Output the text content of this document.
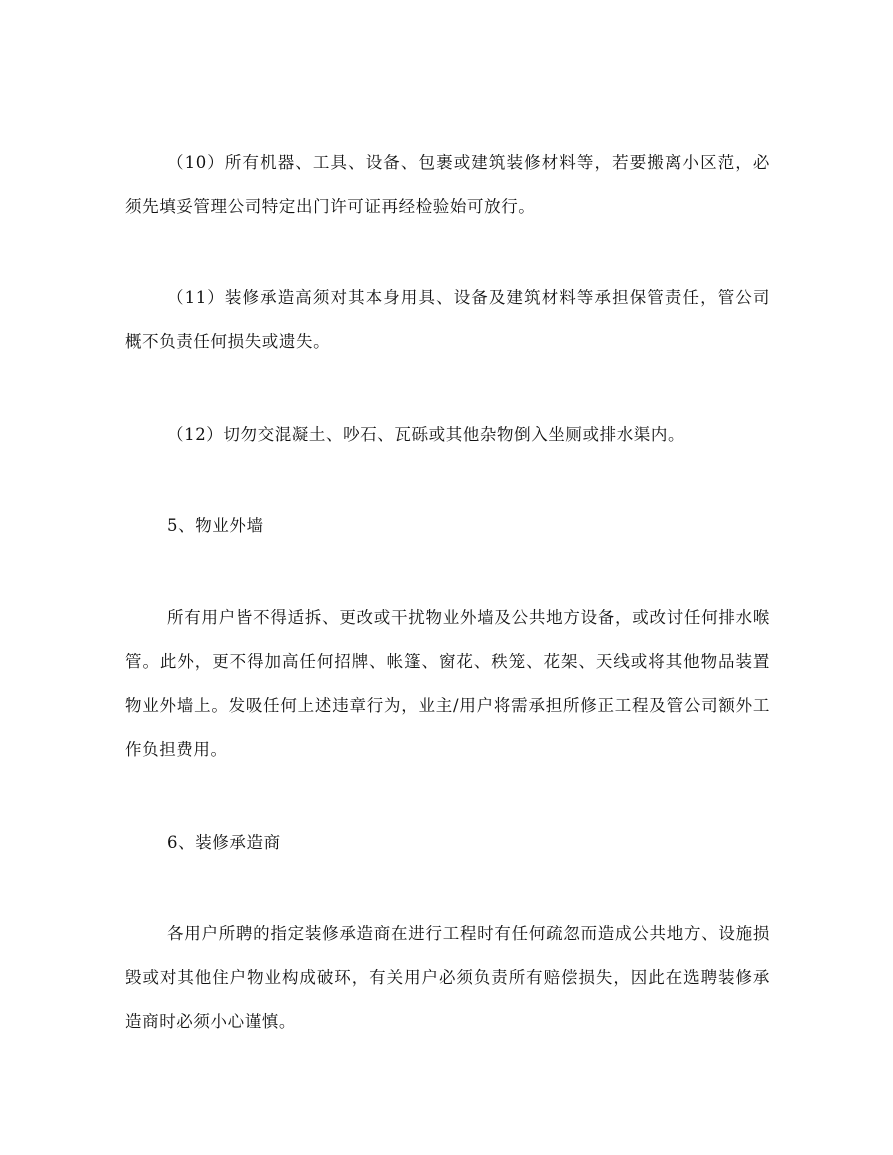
（10）所有机器、工具、设备、包裹或建筑装修材料等，若要搬离小区范，必须先填妥管理公司特定出门许可证再经检验始可放行。

（11）装修承造高须对其本身用具、设备及建筑材料等承担保管责任，管公司概不负责任何损失或遗失。

（12）切勿交混凝土、吵石、瓦砾或其他杂物倒入坐厕或排水渠内。

5、物业外墙

所有用户皆不得适拆、更改或干扰物业外墙及公共地方设备，或改讨任何排水喉管。此外，更不得加高任何招牌、帐篷、窗花、秩笼、花架、天线或将其他物品装置物业外墙上。发吸任何上述违章行为，业主/用户将需承担所修正工程及管公司额外工作负担费用。

6、装修承造商

各用户所聘的指定装修承造商在进行工程时有任何疏忽而造成公共地方、设施损毁或对其他住户物业构成破环，有关用户必须负责所有赔偿损失，因此在选聘装修承造商时必须小心谨慎。
